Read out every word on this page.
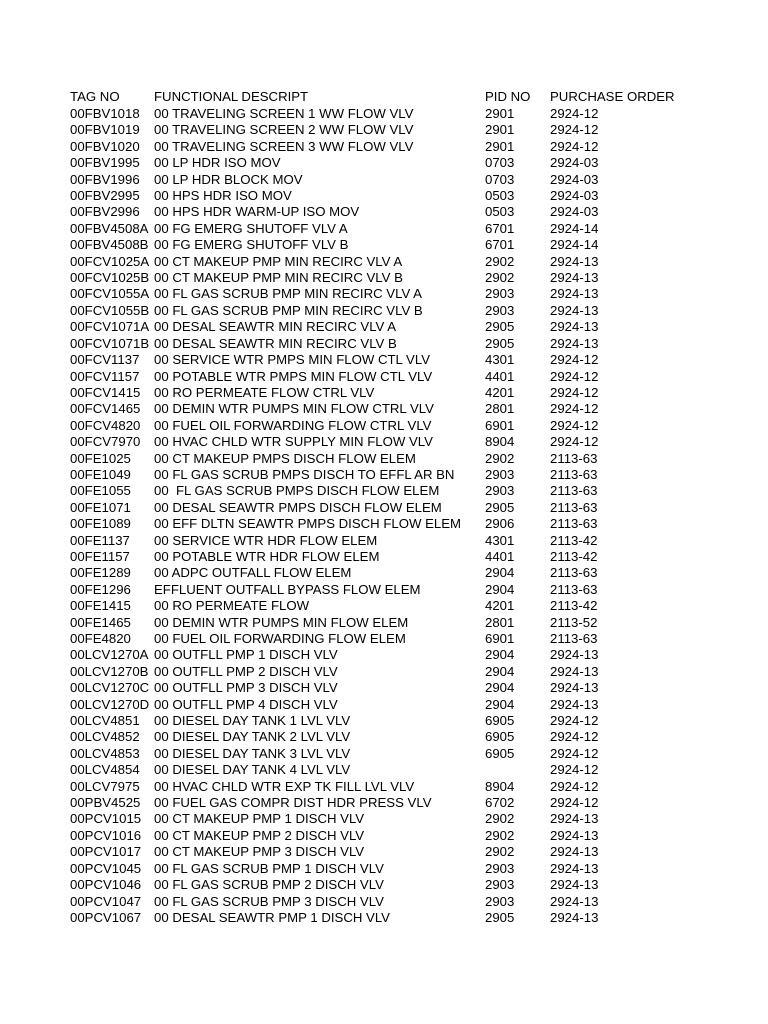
TAG NO	FUNCTIONAL DESCRIPT	PID NO	PURCHASE ORDER
00FBV1018	00 TRAVELING SCREEN 1 WW FLOW VLV	2901	2924-12
00FBV1019	00 TRAVELING SCREEN 2 WW FLOW VLV	2901	2924-12
00FBV1020	00 TRAVELING SCREEN 3 WW FLOW VLV	2901	2924-12
00FBV1995	00 LP HDR ISO MOV	0703	2924-03
00FBV1996	00 LP HDR BLOCK MOV	0703	2924-03
00FBV2995	00 HPS HDR ISO MOV	0503	2924-03
00FBV2996	00 HPS HDR WARM-UP ISO MOV	0503	2924-03
00FBV4508A	00 FG EMERG SHUTOFF VLV A	6701	2924-14
00FBV4508B	00 FG EMERG SHUTOFF VLV B	6701	2924-14
00FCV1025A	00 CT MAKEUP PMP MIN RECIRC VLV A	2902	2924-13
00FCV1025B	00 CT MAKEUP PMP MIN RECIRC VLV B	2902	2924-13
00FCV1055A	00 FL GAS SCRUB PMP MIN RECIRC VLV A	2903	2924-13
00FCV1055B	00 FL GAS SCRUB PMP MIN RECIRC VLV B	2903	2924-13
00FCV1071A	00 DESAL SEAWTR MIN RECIRC VLV A	2905	2924-13
00FCV1071B	00 DESAL SEAWTR MIN RECIRC VLV B	2905	2924-13
00FCV1137	00 SERVICE WTR PMPS MIN FLOW CTL VLV	4301	2924-12
00FCV1157	00 POTABLE WTR PMPS MIN FLOW CTL VLV	4401	2924-12
00FCV1415	00 RO PERMEATE FLOW CTRL VLV	4201	2924-12
00FCV1465	00 DEMIN WTR PUMPS MIN FLOW CTRL VLV	2801	2924-12
00FCV4820	00 FUEL OIL FORWARDING FLOW CTRL VLV	6901	2924-12
00FCV7970	00 HVAC CHLD WTR SUPPLY MIN FLOW VLV	8904	2924-12
00FE1025	00 CT MAKEUP PMPS DISCH FLOW ELEM	2902	2113-63
00FE1049	00 FL GAS SCRUB PMPS DISCH TO EFFL AR BN	2903	2113-63
00FE1055	00  FL GAS SCRUB PMPS DISCH FLOW ELEM	2903	2113-63
00FE1071	00 DESAL SEAWTR PMPS DISCH FLOW ELEM	2905	2113-63
00FE1089	00 EFF DLTN SEAWTR PMPS DISCH FLOW ELEM	2906	2113-63
00FE1137	00 SERVICE WTR HDR FLOW ELEM	4301	2113-42
00FE1157	00 POTABLE WTR HDR FLOW ELEM	4401	2113-42
00FE1289	00 ADPC OUTFALL FLOW ELEM	2904	2113-63
00FE1296	EFFLUENT OUTFALL BYPASS FLOW ELEM	2904	2113-63
00FE1415	00 RO PERMEATE FLOW	4201	2113-42
00FE1465	00 DEMIN WTR PUMPS MIN FLOW ELEM	2801	2113-52
00FE4820	00 FUEL OIL FORWARDING FLOW ELEM	6901	2113-63
00LCV1270A	00 OUTFLL PMP 1 DISCH VLV	2904	2924-13
00LCV1270B	00 OUTFLL PMP 2 DISCH VLV	2904	2924-13
00LCV1270C	00 OUTFLL PMP 3 DISCH VLV	2904	2924-13
00LCV1270D	00 OUTFLL PMP 4 DISCH VLV	2904	2924-13
00LCV4851	00 DIESEL DAY TANK 1 LVL VLV	6905	2924-12
00LCV4852	00 DIESEL DAY TANK 2 LVL VLV	6905	2924-12
00LCV4853	00 DIESEL DAY TANK 3 LVL VLV	6905	2924-12
00LCV4854	00 DIESEL DAY TANK 4 LVL VLV		2924-12
00LCV7975	00 HVAC CHLD WTR EXP TK FILL LVL VLV	8904	2924-12
00PBV4525	00 FUEL GAS COMPR DIST HDR PRESS VLV	6702	2924-12
00PCV1015	00 CT MAKEUP PMP 1 DISCH VLV	2902	2924-13
00PCV1016	00 CT MAKEUP PMP 2 DISCH VLV	2902	2924-13
00PCV1017	00 CT MAKEUP PMP 3 DISCH VLV	2902	2924-13
00PCV1045	00 FL GAS SCRUB PMP 1 DISCH VLV	2903	2924-13
00PCV1046	00 FL GAS SCRUB PMP 2 DISCH VLV	2903	2924-13
00PCV1047	00 FL GAS SCRUB PMP 3 DISCH VLV	2903	2924-13
00PCV1067	00 DESAL SEAWTR PMP 1 DISCH VLV	2905	2924-13
